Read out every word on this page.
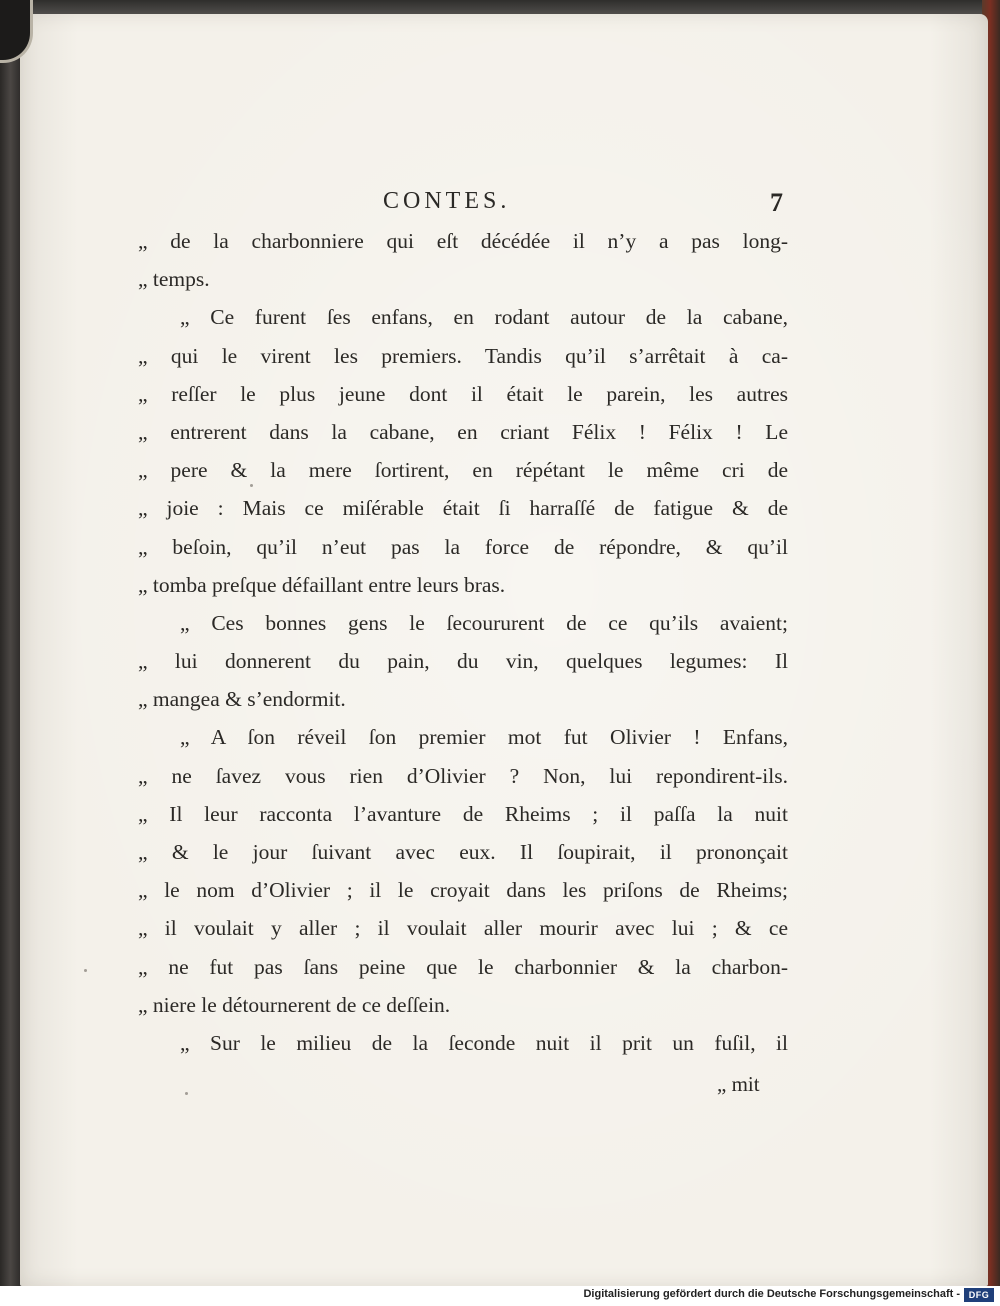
CONTES.	7
„ de la charbonniere qui eſt décédée il n’y a pas long-
„ temps.
„ Ce furent ſes enfans, en rodant autour de la cabane,
„ qui le virent les premiers. Tandis qu’il s’arrêtait à ca-
„ reſſer le plus jeune dont il était le parein, les autres
„ entrerent dans la cabane, en criant Félix ! Félix ! Le
„ pere & la mere ſortirent, en répétant le même cri de
„ joie : Mais ce miſérable était ſi harraſſé de fatigue & de
„ beſoin, qu’il n’eut pas la force de répondre, & qu’il
„ tomba preſque défaillant entre leurs bras.
„ Ces bonnes gens le ſecoururent de ce qu’ils avaient;
„ lui donnerent du pain, du vin, quelques legumes: Il
„ mangea & s’endormit.
„ A ſon réveil ſon premier mot fut Olivier ! Enfans,
„ ne ſavez vous rien d’Olivier ? Non, lui repondirent-ils.
„ Il leur racconta l’avanture de Rheims ; il paſſa la nuit
„ & le jour ſuivant avec eux. Il ſoupirait, il prononçait
„ le nom d’Olivier ; il le croyait dans les priſons de Rheims;
„ il voulait y aller ; il voulait aller mourir avec lui ; & ce
„ ne fut pas ſans peine que le charbonnier & la charbon-
„ niere le détournerent de ce deſſein.
„ Sur le milieu de la ſeconde nuit il prit un fuſil, il
„ mit
Digitalisierung gefördert durch die Deutsche Forschungsgemeinschaft - DFG
